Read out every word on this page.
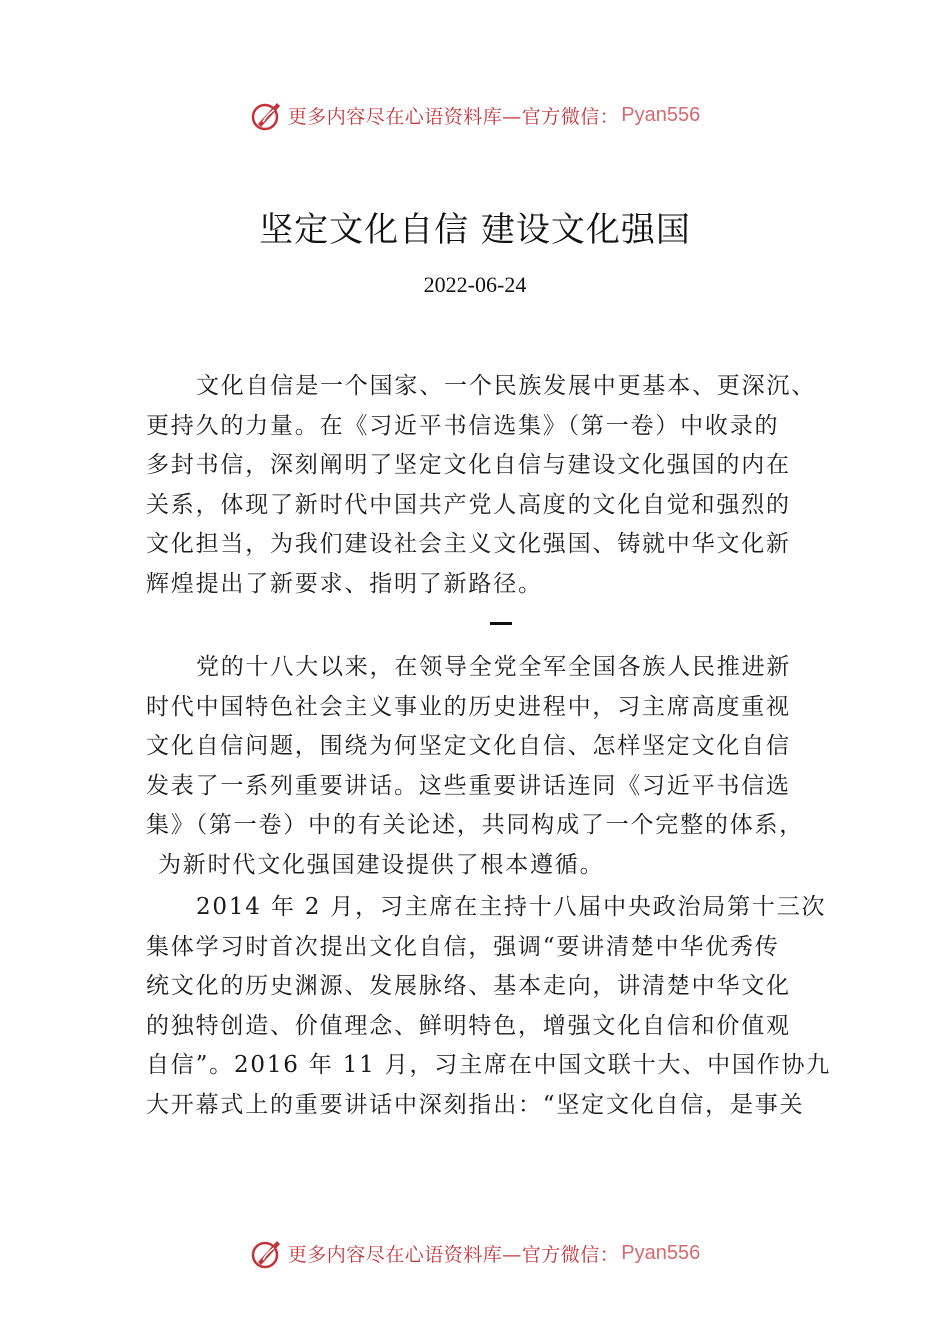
更多内容尽在心语资料库—官方微信： Pyan556
坚定文化自信 建设文化强国
2022-06-24
文化自信是一个国家、一个民族发展中更基本、更深沉、
更持久的力量。在《习近平书信选集》（第一卷）中收录的
多封书信，深刻阐明了坚定文化自信与建设文化强国的内在
关系，体现了新时代中国共产党人高度的文化自觉和强烈的
文化担当，为我们建设社会主义文化强国、铸就中华文化新
辉煌提出了新要求、指明了新路径。
党的十八大以来，在领导全党全军全国各族人民推进新
时代中国特色社会主义事业的历史进程中，习主席高度重视
文化自信问题，围绕为何坚定文化自信、怎样坚定文化自信
发表了一系列重要讲话。这些重要讲话连同《习近平书信选
集》（第一卷）中的有关论述，共同构成了一个完整的体系，
为新时代文化强国建设提供了根本遵循。
2014 年 2 月，习主席在主持十八届中央政治局第十三次
集体学习时首次提出文化自信，强调“要讲清楚中华优秀传
统文化的历史渊源、发展脉络、基本走向，讲清楚中华文化
的独特创造、价值理念、鲜明特色，增强文化自信和价值观
自信”。2016 年 11 月，习主席在中国文联十大、中国作协九
大开幕式上的重要讲话中深刻指出：“坚定文化自信，是事关
更多内容尽在心语资料库—官方微信： Pyan556
